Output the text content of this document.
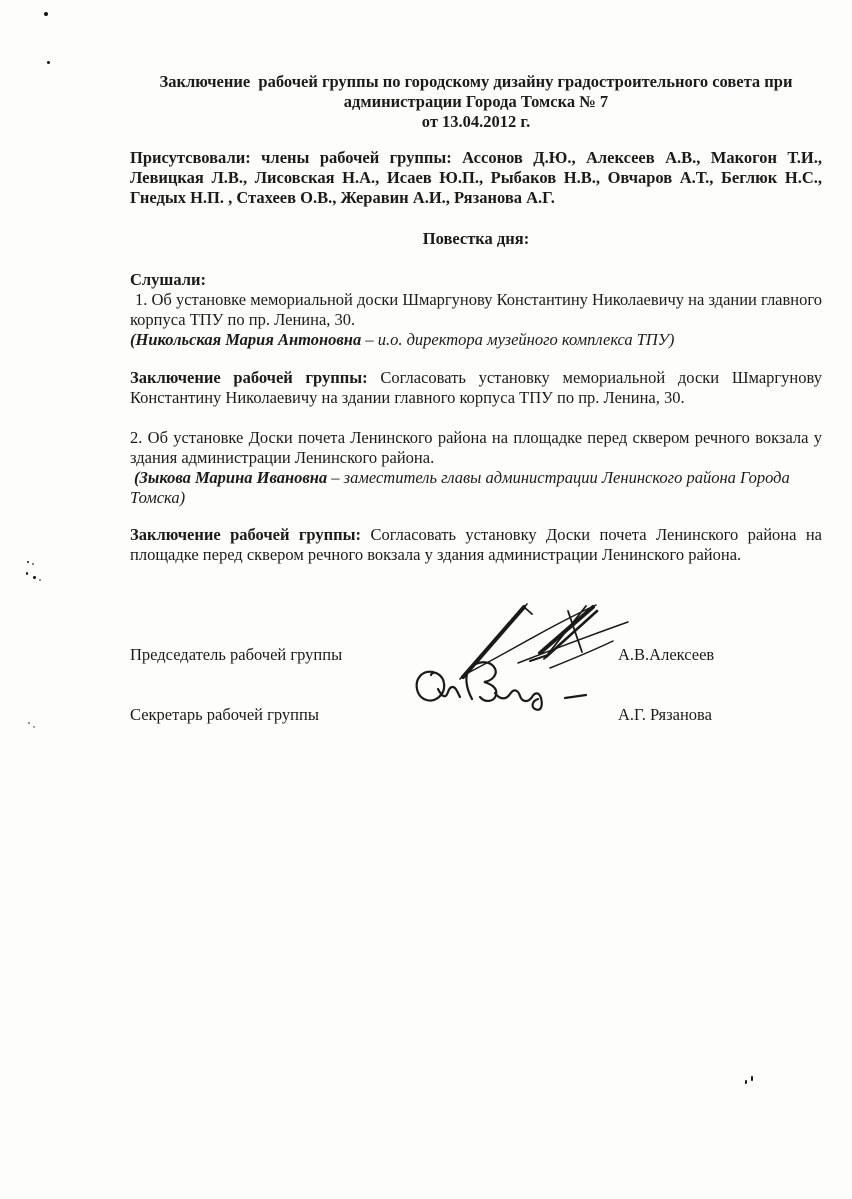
Заключение  рабочей группы по городскому дизайну градостроительного совета при
администрации Города Томска № 7
от 13.04.2012 г.
Присутсвовали: члены рабочей группы: Ассонов Д.Ю., Алексеев А.В., Макогон Т.И., Левицкая Л.В., Лисовская Н.А., Исаев Ю.П., Рыбаков Н.В., Овчаров А.Т., Беглюк Н.С., Гнедых Н.П. , Стахеев О.В., Жеравин А.И., Рязанова А.Г.
Повестка дня:
Слушали:
1. Об установке мемориальной доски Шмаргунову Константину Николаевичу на здании главного корпуса ТПУ по пр. Ленина, 30.
(Никольская Мария Антоновна – и.о. директора музейного комплекса ТПУ)
Заключение рабочей группы: Согласовать установку мемориальной доски Шмаргунову Константину Николаевичу на здании главного корпуса ТПУ по пр. Ленина, 30.
2. Об установке Доски почета Ленинского района на площадке перед сквером речного вокзала у здания администрации Ленинского района.
(Зыкова Марина Ивановна – заместитель главы администрации Ленинского района Города Томска)
Заключение рабочей группы: Согласовать установку Доски почета Ленинского района на площадке перед сквером речного вокзала у здания администрации Ленинского района.
Председатель рабочей группы	А.В.Алексеев
Секретарь рабочей группы	А.Г. Рязанова
